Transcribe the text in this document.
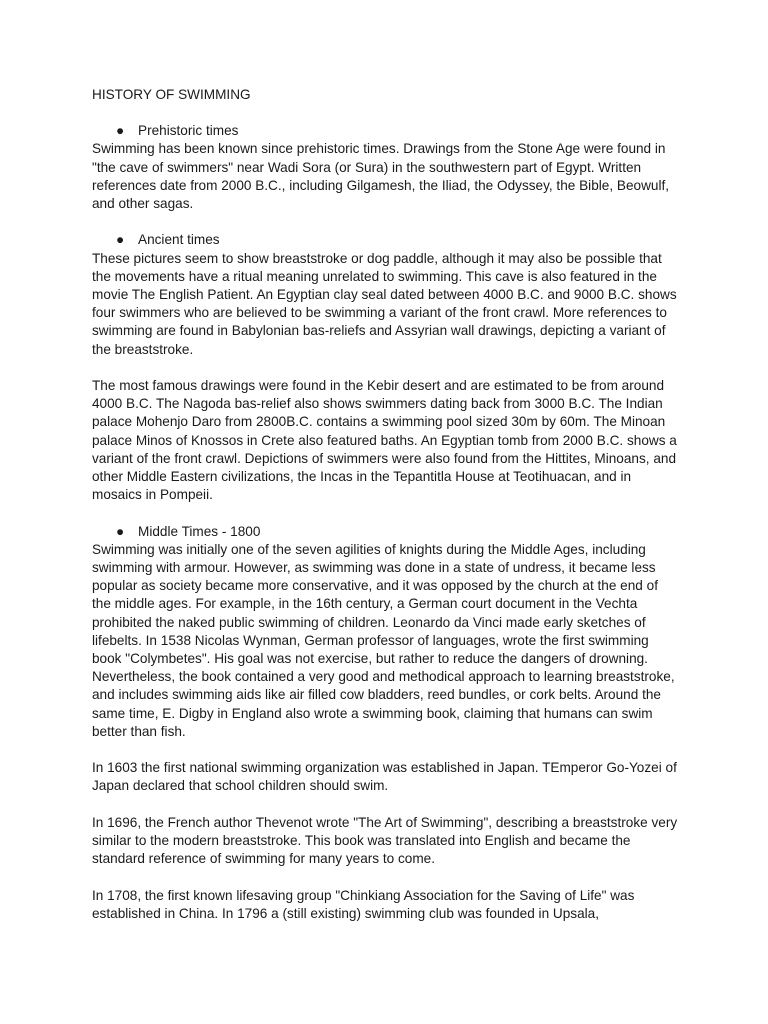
HISTORY OF SWIMMING
● Prehistoric times

Swimming has been known since prehistoric times. Drawings from the Stone Age were found in "the cave of swimmers" near Wadi Sora (or Sura) in the southwestern part of Egypt. Written references date from 2000 B.C., including Gilgamesh, the Iliad, the Odyssey, the Bible, Beowulf, and other sagas.

● Ancient times

These pictures seem to show breaststroke or dog paddle, although it may also be possible that the movements have a ritual meaning unrelated to swimming. This cave is also featured in the movie The English Patient. An Egyptian clay seal dated between 4000 B.C. and 9000 B.C. shows four swimmers who are believed to be swimming a variant of the front crawl. More references to swimming are found in Babylonian bas-reliefs and Assyrian wall drawings, depicting a variant of the breaststroke.

The most famous drawings were found in the Kebir desert and are estimated to be from around 4000 B.C. The Nagoda bas-relief also shows swimmers dating back from 3000 B.C. The Indian palace Mohenjo Daro from 2800B.C. contains a swimming pool sized 30m by 60m. The Minoan palace Minos of Knossos in Crete also featured baths. An Egyptian tomb from 2000 B.C. shows a variant of the front crawl. Depictions of swimmers were also found from the Hittites, Minoans, and other Middle Eastern civilizations, the Incas in the Tepantitla House at Teotihuacan, and in mosaics in Pompeii.

● Middle Times - 1800

Swimming was initially one of the seven agilities of knights during the Middle Ages, including swimming with armour. However, as swimming was done in a state of undress, it became less popular as society became more conservative, and it was opposed by the church at the end of the middle ages. For example, in the 16th century, a German court document in the Vechta prohibited the naked public swimming of children. Leonardo da Vinci made early sketches of lifebelts. In 1538 Nicolas Wynman, German professor of languages, wrote the first swimming book "Colymbetes". His goal was not exercise, but rather to reduce the dangers of drowning. Nevertheless, the book contained a very good and methodical approach to learning breaststroke, and includes swimming aids like air filled cow bladders, reed bundles, or cork belts. Around the same time, E. Digby in England also wrote a swimming book, claiming that humans can swim better than fish.

In 1603 the first national swimming organization was established in Japan. TEmperor Go-Yozei of Japan declared that school children should swim.

In 1696, the French author Thevenot wrote "The Art of Swimming", describing a breaststroke very similar to the modern breaststroke. This book was translated into English and became the standard reference of swimming for many years to come.

In 1708, the first known lifesaving group "Chinkiang Association for the Saving of Life" was established in China. In 1796 a (still existing) swimming club was founded in Upsala,
